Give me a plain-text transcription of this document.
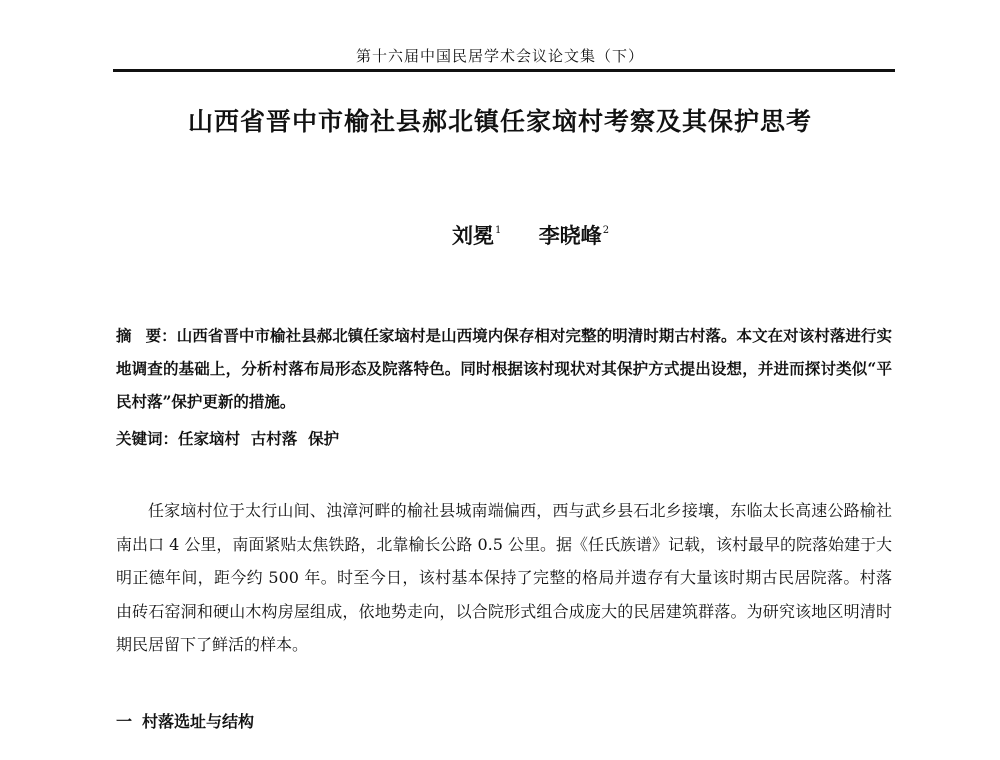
第十六届中国民居学术会议论文集（下）
山西省晋中市榆社县郝北镇任家垴村考察及其保护思考
刘冕$^1$ 李晓峰$^2$
摘 要：山西省晋中市榆社县郝北镇任家垴村是山西境内保存相对完整的明清时期古村落。本文在对该村落进行实地调查的基础上，分析村落布局形态及院落特色。同时根据该村现状对其保护方式提出设想，并进而探讨类似“平民村落”保护更新的措施。
关键词：任家垴村  古村落  保护
任家垴村位于太行山间、浊漳河畔的榆社县城南端偏西，西与武乡县石北乡接壤，东临太长高速公路榆社南出口 4 公里，南面紧贴太焦铁路，北靠榆长公路 0.5 公里。据《任氏族谱》记载，该村最早的院落始建于大明正德年间，距今约 500 年。时至今日，该村基本保持了完整的格局并遗存有大量该时期古民居院落。村落由砖石窑洞和硬山木构房屋组成，依地势走向，以合院形式组合成庞大的民居建筑群落。为研究该地区明清时期民居留下了鲜活的样本。
一 村落选址与结构
